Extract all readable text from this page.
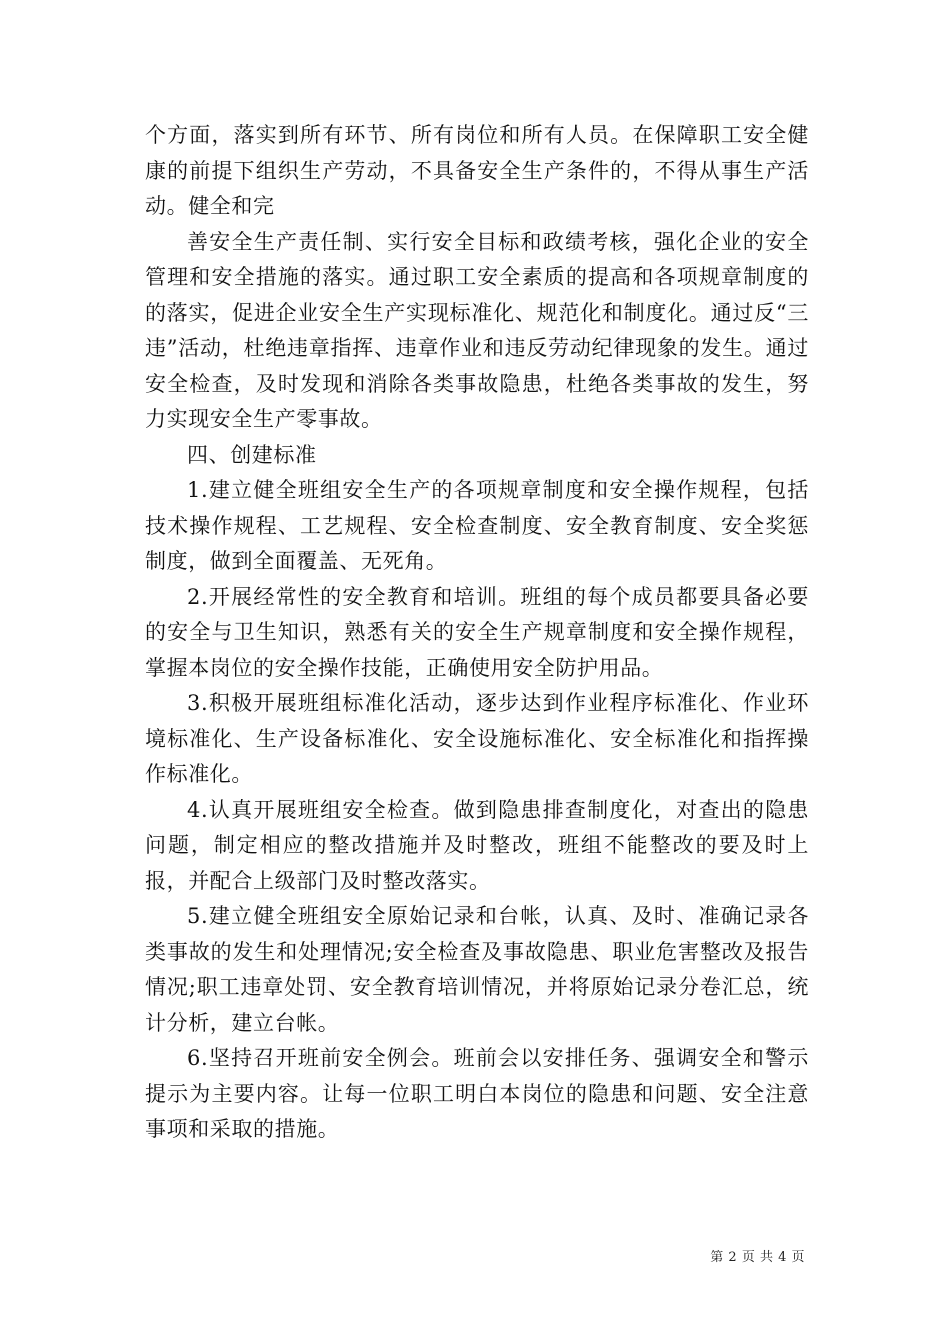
个方面，落实到所有环节、所有岗位和所有人员。在保障职工安全健康的前提下组织生产劳动，不具备安全生产条件的，不得从事生产活动。健全和完

善安全生产责任制、实行安全目标和政绩考核，强化企业的安全管理和安全措施的落实。通过职工安全素质的提高和各项规章制度的的落实，促进企业安全生产实现标准化、规范化和制度化。通过反“三违”活动，杜绝违章指挥、违章作业和违反劳动纪律现象的发生。通过安全检查，及时发现和消除各类事故隐患，杜绝各类事故的发生，努力实现安全生产零事故。

四、创建标准

1.建立健全班组安全生产的各项规章制度和安全操作规程，包括技术操作规程、工艺规程、安全检查制度、安全教育制度、安全奖惩制度，做到全面覆盖、无死角。

2.开展经常性的安全教育和培训。班组的每个成员都要具备必要的安全与卫生知识，熟悉有关的安全生产规章制度和安全操作规程，掌握本岗位的安全操作技能，正确使用安全防护用品。

3.积极开展班组标准化活动，逐步达到作业程序标准化、作业环境标准化、生产设备标准化、安全设施标准化、安全标准化和指挥操作标准化。

4.认真开展班组安全检查。做到隐患排查制度化，对查出的隐患问题，制定相应的整改措施并及时整改，班组不能整改的要及时上报，并配合上级部门及时整改落实。

5.建立健全班组安全原始记录和台帐，认真、及时、准确记录各类事故的发生和处理情况;安全检查及事故隐患、职业危害整改及报告情况;职工违章处罚、安全教育培训情况，并将原始记录分卷汇总，统计分析，建立台帐。

6.坚持召开班前安全例会。班前会以安排任务、强调安全和警示提示为主要内容。让每一位职工明白本岗位的隐患和问题、安全注意事项和采取的措施。

第 2 页 共 4 页
